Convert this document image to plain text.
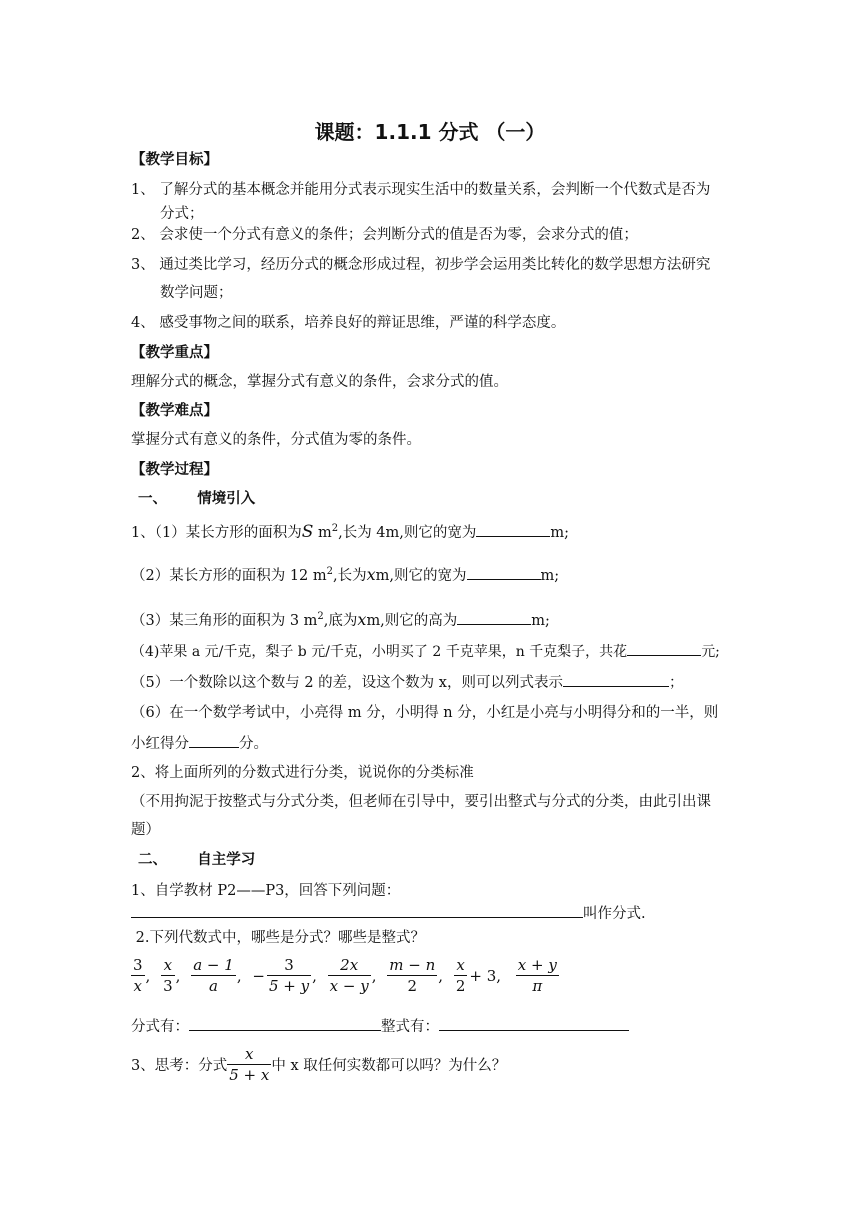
课题：1.1.1 分式 （一）
【教学目标】
1、 了解分式的基本概念并能用分式表示现实生活中的数量关系，会判断一个代数式是否为
分式；
2、 会求使一个分式有意义的条件；会判断分式的值是否为零，会求分式的值；
3、 通过类比学习，经历分式的概念形成过程，初步学会运用类比转化的数学思想方法研究
数学问题；
4、 感受事物之间的联系，培养良好的辩证思维，严谨的科学态度。
【教学重点】
理解分式的概念，掌握分式有意义的条件，会求分式的值。
【教学难点】
掌握分式有意义的条件，分式值为零的条件。
【教学过程】
一、      情境引入
1、（1）某长方形的面积为S $m^2$,长为 4m,则它的宽为	m;
（2）某长方形的面积为 12 $m^2$,长为xm,则它的宽为	m;
（3）某三角形的面积为 3 $m^2$,底为xm,则它的高为	m;
（4)苹果 a 元/千克，梨子 b 元/千克，小明买了 2 千克苹果，n 千克梨子，共花	元;
（5）一个数除以这个数与 2 的差，设这个数为 x，则可以列式表示	；
（6）在一个数学考试中，小亮得 m 分，小明得 n 分，小红是小亮与小明得分和的一半，则
小红得分	分。
2、将上面所列的分数式进行分类，说说你的分类标准
（不用拘泥于按整式与分式分类，但老师在引导中，要引出整式与分式的分类，由此引出课
题）
二、      自主学习
1、自学教材 P2——P3，回答下列问题：
叫作分式.
2.下列代数式中，哪些是分式？哪些是整式？
$\frac{3}{x}$ , $\frac{x}{3}$ , $\frac{a - 1}{a}$ , − $\frac{3}{5 + y}$ , $\frac{2x}{x - y}$ , $\frac{m - n}{2}$ , $\frac{x}{2} + 3$, $\frac{x + y}{\pi}$
分式有：	整式有：
3、思考：分式 $\frac{x}{5 + x}$ 中 x 取任何实数都可以吗？为什么？
